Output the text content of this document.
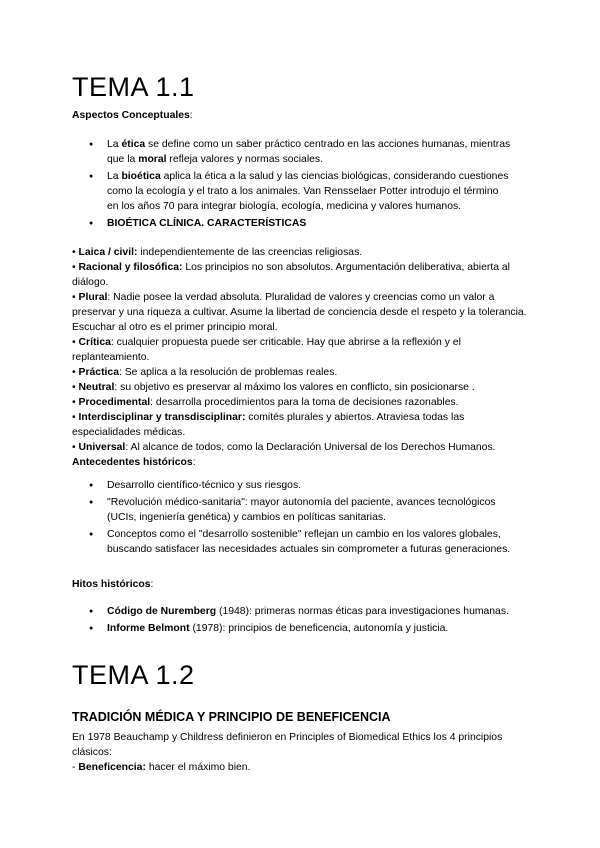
TEMA 1.1

Aspectos Conceptuales:

● La ética se define como un saber práctico centrado en las acciones humanas, mientras que la moral refleja valores y normas sociales.
● La bioética aplica la ética a la salud y las ciencias biológicas, considerando cuestiones como la ecología y el trato a los animales. Van Rensselaer Potter introdujo el término en los años 70 para integrar biología, ecología, medicina y valores humanos.
● BIOÉTICA CLÍNICA. CARACTERÍSTICAS

• Laica / civil: independientemente de las creencias religiosas.

• Racional y filosófica: Los principios no son absolutos. Argumentación deliberativa, abierta al diálogo.

• Plural: Nadie posee la verdad absoluta. Pluralidad de valores y creencias como un valor a preservar y una riqueza a cultivar. Asume la libertad de conciencia desde el respeto y la tolerancia. Escuchar al otro es el primer principio moral.

• Crítica: cualquier propuesta puede ser criticable. Hay que abrirse a la reflexión y el replanteamiento.

• Práctica: Se aplica a la resolución de problemas reales.

• Neutral: su objetivo es preservar al máximo los valores en conflicto, sin posicionarse .

• Procedimental: desarrolla procedimientos para la toma de decisiones razonables.

• Interdisciplinar y transdisciplinar: comités plurales y abiertos. Atraviesa todas las especialidades médicas.

• Universal: Al alcance de todos, como la Declaración Universal de los Derechos Humanos.

Antecedentes históricos:

● Desarrollo científico-técnico y sus riesgos.
● "Revolución médico-sanitaria": mayor autonomía del paciente, avances tecnológicos (UCIs, ingeniería genética) y cambios en políticas sanitarias.
● Conceptos como el "desarrollo sostenible" reflejan un cambio en los valores globales, buscando satisfacer las necesidades actuales sin comprometer a futuras generaciones.

Hitos históricos:

● Código de Nuremberg (1948): primeras normas éticas para investigaciones humanas.
● Informe Belmont (1978): principios de beneficencia, autonomía y justicia.
TEMA 1.2

TRADICIÓN MÉDICA Y PRINCIPIO DE BENEFICENCIA

En 1978 Beauchamp y Childress definieron en Principles of Biomedical Ethics los 4 principios clásicos:

- Beneficencia: hacer el máximo bien.
